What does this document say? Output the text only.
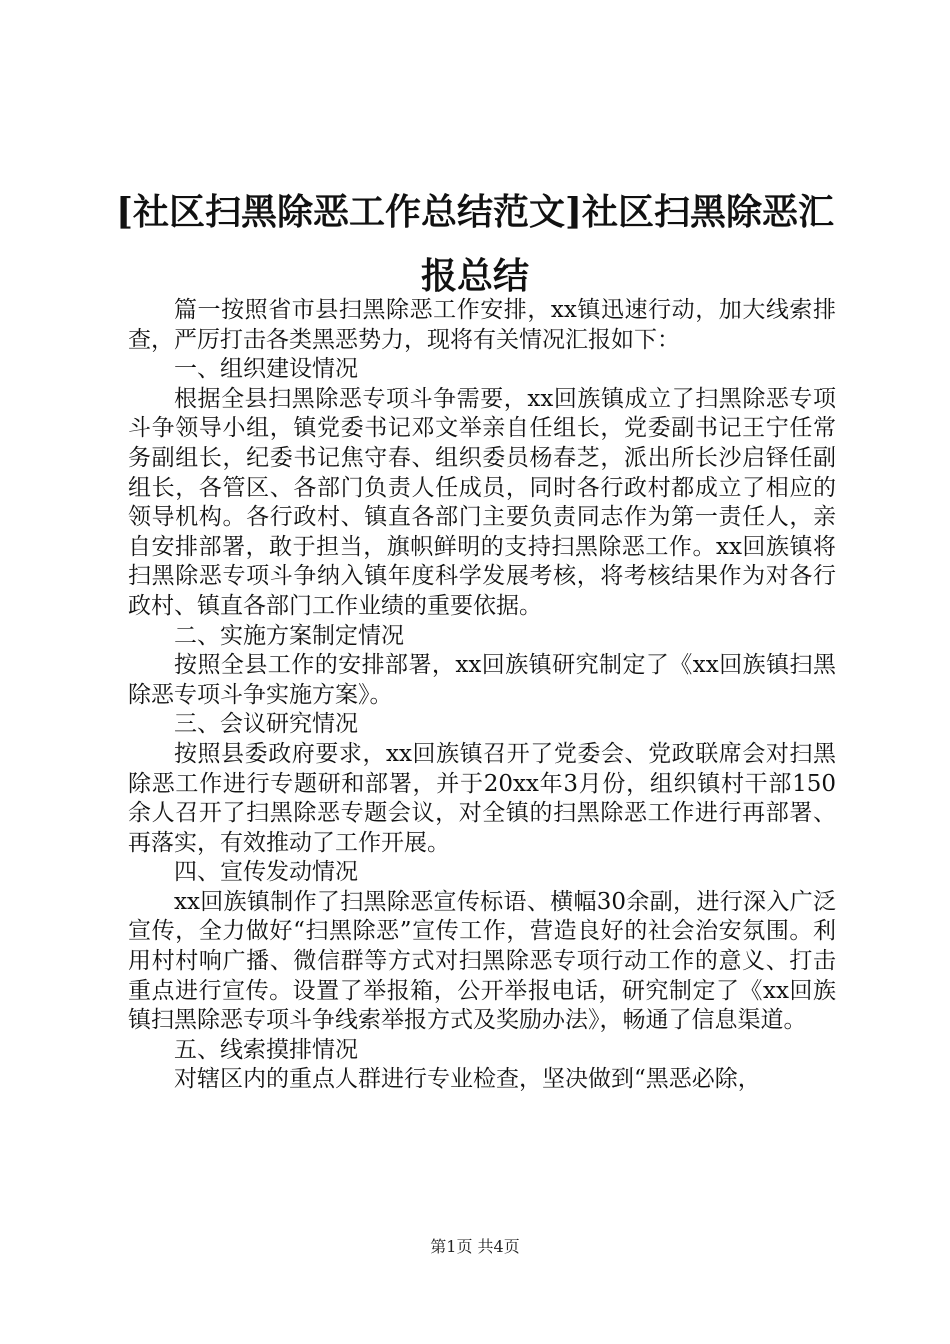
[社区扫黑除恶工作总结范文]社区扫黑除恶汇报总结

篇一按照省市县扫黑除恶工作安排，xx镇迅速行动，加大线索排查，严厉打击各类黑恶势力，现将有关情况汇报如下：

一、组织建设情况

根据全县扫黑除恶专项斗争需要，xx回族镇成立了扫黑除恶专项斗争领导小组，镇党委书记邓文举亲自任组长，党委副书记王宁任常务副组长，纪委书记焦守春、组织委员杨春芝，派出所长沙启铎任副组长，各管区、各部门负责人任成员，同时各行政村都成立了相应的领导机构。各行政村、镇直各部门主要负责同志作为第一责任人，亲自安排部署，敢于担当，旗帜鲜明的支持扫黑除恶工作。xx回族镇将扫黑除恶专项斗争纳入镇年度科学发展考核，将考核结果作为对各行政村、镇直各部门工作业绩的重要依据。

二、实施方案制定情况

按照全县工作的安排部署，xx回族镇研究制定了《xx回族镇扫黑除恶专项斗争实施方案》。

三、会议研究情况

按照县委政府要求，xx回族镇召开了党委会、党政联席会对扫黑除恶工作进行专题研和部署，并于20xx年3月份，组织镇村干部150余人召开了扫黑除恶专题会议，对全镇的扫黑除恶工作进行再部署、再落实，有效推动了工作开展。

四、宣传发动情况

xx回族镇制作了扫黑除恶宣传标语、横幅30余副，进行深入广泛宣传，全力做好“扫黑除恶”宣传工作，营造良好的社会治安氛围。利用村村响广播、微信群等方式对扫黑除恶专项行动工作的意义、打击重点进行宣传。设置了举报箱，公开举报电话，研究制定了《xx回族镇扫黑除恶专项斗争线索举报方式及奖励办法》，畅通了信息渠道。

五、线索摸排情况

对辖区内的重点人群进行专业检查，坚决做到“黑恶必除，

第1页 共4页
